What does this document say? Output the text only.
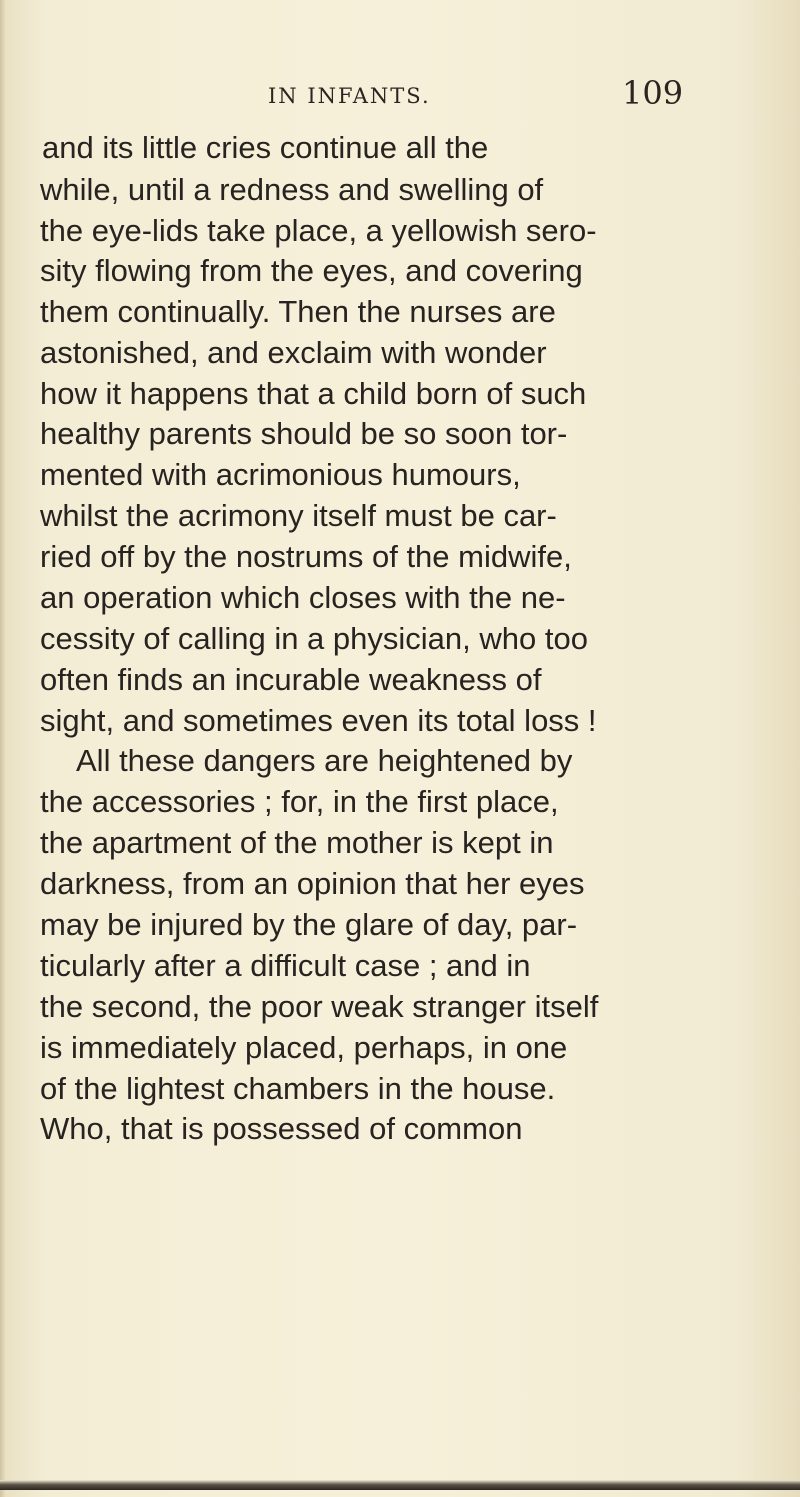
IN INFANTS.	109
and its little cries continue all the
while, until a redness and swelling of
the eye-lids take place, a yellowish sero-
sity flowing from the eyes, and covering
them continually. Then the nurses are
astonished, and exclaim with wonder
how it happens that a child born of such
healthy parents should be so soon tor-
mented with acrimonious humours,
whilst the acrimony itself must be car-
ried off by the nostrums of the midwife,
an operation which closes with the ne-
cessity of calling in a physician, who too
often finds an incurable weakness of
sight, and sometimes even its total loss !
All these dangers are heightened by
the accessories ; for, in the first place,
the apartment of the mother is kept in
darkness, from an opinion that her eyes
may be injured by the glare of day, par-
ticularly after a difficult case ; and in
the second, the poor weak stranger itself
is immediately placed, perhaps, in one
of the lightest chambers in the house.
Who, that is possessed of common
